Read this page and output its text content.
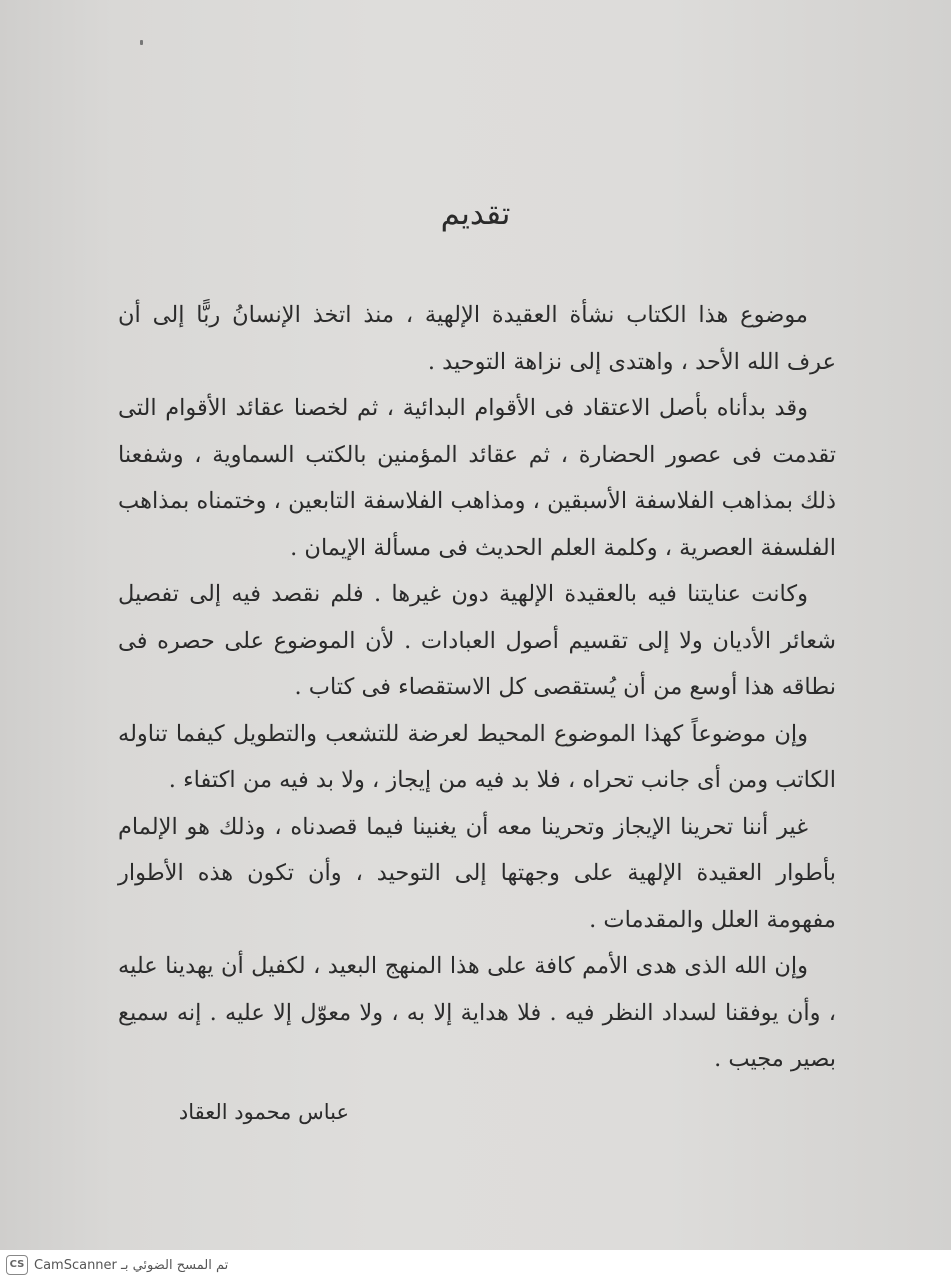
تقديم

موضوع هذا الكتاب نشأة العقيدة الإلهية ، منذ اتخذ الإنسانُ ربًّا إلى أن عرف الله الأحد ، واهتدى إلى نزاهة التوحيد .

وقد بدأناه بأصل الاعتقاد فى الأقوام البدائية ، ثم لخصنا عقائد الأقوام التى تقدمت فى عصور الحضارة ، ثم عقائد المؤمنين بالكتب السماوية ، وشفعنا ذلك بمذاهب الفلاسفة الأسبقين ، ومذاهب الفلاسفة التابعين ، وختمناه بمذاهب الفلسفة العصرية ، وكلمة العلم الحديث فى مسألة الإيمان .

وكانت عنايتنا فيه بالعقيدة الإلهية دون غيرها . فلم نقصد فيه إلى تفصيل شعائر الأديان ولا إلى تقسيم أصول العبادات . لأن الموضوع على حصره فى نطاقه هذا أوسع من أن يُستقصى كل الاستقصاء فى كتاب .

وإن موضوعاً كهذا الموضوع المحيط لعرضة للتشعب والتطويل كيفما تناوله الكاتب ومن أى جانب تحراه ، فلا بد فيه من إيجاز ، ولا بد فيه من اكتفاء .

غير أننا تحرينا الإيجاز وتحرينا معه أن يغنينا فيما قصدناه ، وذلك هو الإلمام بأطوار العقيدة الإلهية على وجهتها إلى التوحيد ، وأن تكون هذه الأطوار مفهومة العلل والمقدمات .

وإن الله الذى هدى الأمم كافة على هذا المنهج البعيد ، لكفيل أن يهدينا عليه ، وأن يوفقنا لسداد النظر فيه . فلا هداية إلا به ، ولا معوّل إلا عليه . إنه سميع بصير مجيب .

عباس محمود العقاد
CS تم المسح الضوئي بـ CamScanner
